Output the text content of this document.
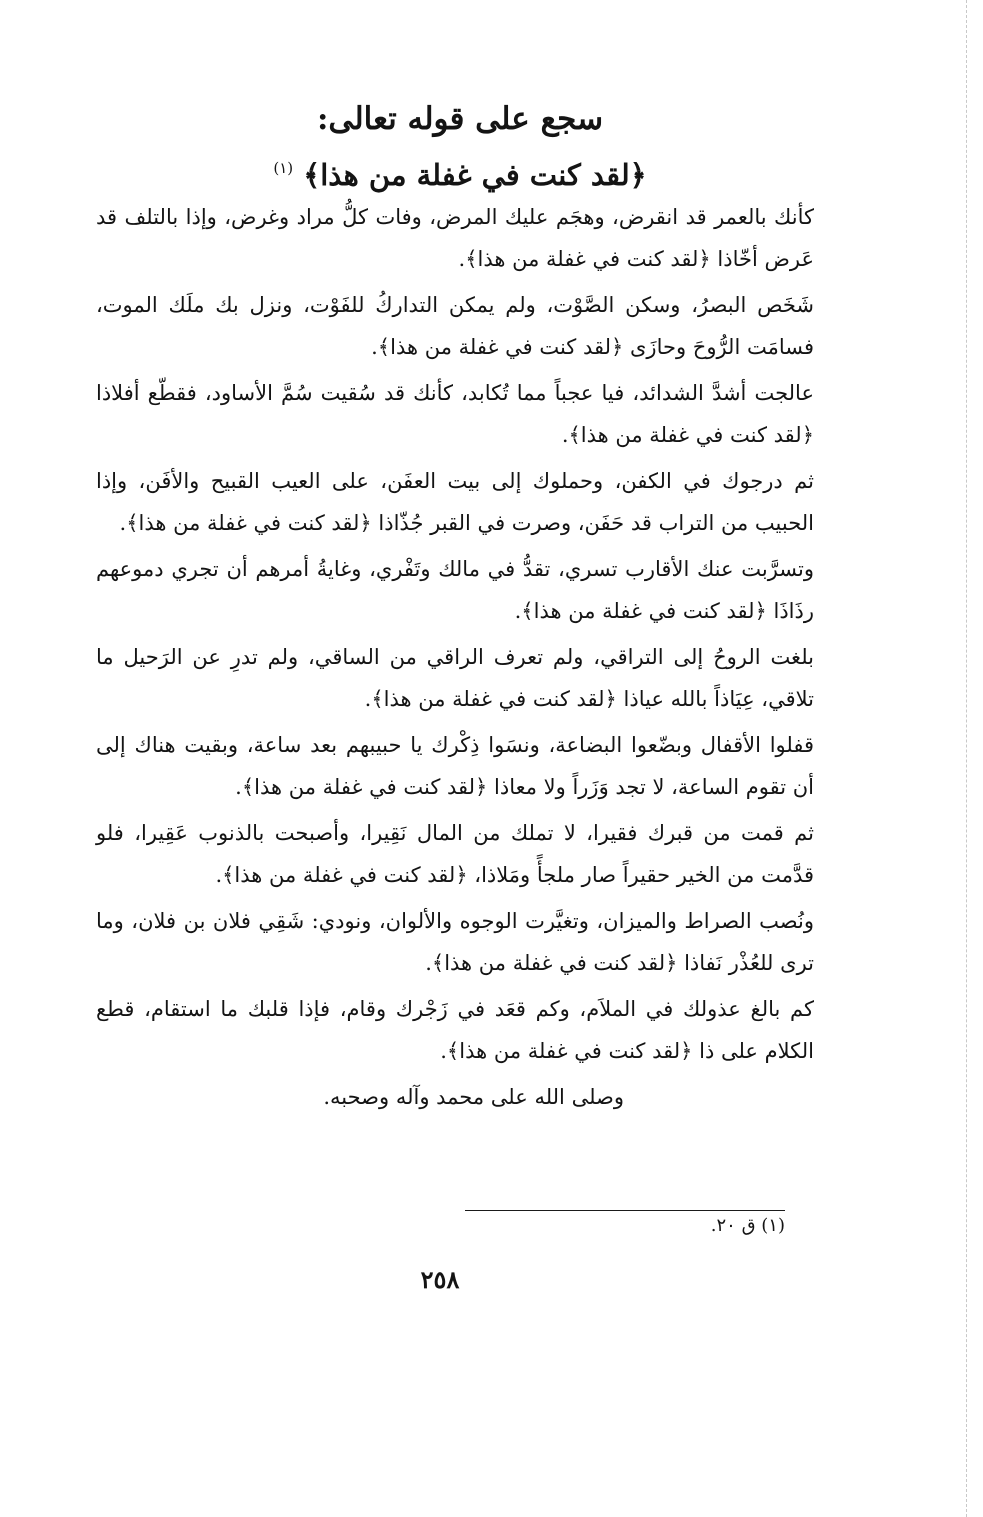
سجع على قوله تعالى:
﴿لقد كنت في غفلة من هذا﴾ $^{(١)}$

كأنك بالعمر قد انقرض، وهجَم عليك المرض، وفات كلُّ مراد وغرض، وإذا بالتلف قد عَرض أخّاذا ﴿لقد كنت في غفلة من هذا﴾.

شَخَص البصرُ، وسكن الصَّوْت، ولم يمكن التداركُ للفَوْت، ونزل بك ملَك الموت، فسامَت الرُّوحَ وحازَى ﴿لقد كنت في غفلة من هذا﴾.

عالجت أشدَّ الشدائد، فيا عجباً مما تُكابد، كأنك قد سُقيت سُمَّ الأساود، فقطّع أفلاذا ﴿لقد كنت في غفلة من هذا﴾.

ثم درجوك في الكفن، وحملوك إلى بيت العفَن، على العيب القبيح والأفَن، وإذا الحبيب من التراب قد حَفَن، وصرت في القبر جُذّاذا ﴿لقد كنت في غفلة من هذا﴾.

وتسرَّبت عنك الأقارب تسري، تقدُّ في مالك وتَفْري، وغايةُ أمرهم أن تجري دموعهم رذَاذَا ﴿لقد كنت في غفلة من هذا﴾.

بلغت الروحُ إلى التراقي، ولم تعرف الراقي من الساقي، ولم تدرِ عن الرَحيل ما تلاقي، عِيَاذاً بالله عياذا ﴿لقد كنت في غفلة من هذا﴾.

قفلوا الأقفال وبضّعوا البضاعة، ونسَوا ذِكْرك يا حبيبهم بعد ساعة، وبقيت هناك إلى أن تقوم الساعة، لا تجد وَزَراً ولا معاذا ﴿لقد كنت في غفلة من هذا﴾.

ثم قمت من قبرك فقيرا، لا تملك من المال نَقِيرا، وأصبحت بالذنوب عَقِيرا، فلو قدَّمت من الخير حقيراً صار ملجأً ومَلاذا، ﴿لقد كنت في غفلة من هذا﴾.

ونُصب الصراط والميزان، وتغيَّرت الوجوه والألوان، ونودي: شَقِي فلان بن فلان، وما ترى للعُذْر نَفاذا ﴿لقد كنت في غفلة من هذا﴾.

كم بالغ عذولك في الملاَم، وكم قعَد في زَجْرك وقام، فإذا قلبك ما استقام، قطع الكلام على ذا ﴿لقد كنت في غفلة من هذا﴾.

وصلى الله على محمد وآله وصحبه.

(١) ق ٢٠.
٢٥٨
